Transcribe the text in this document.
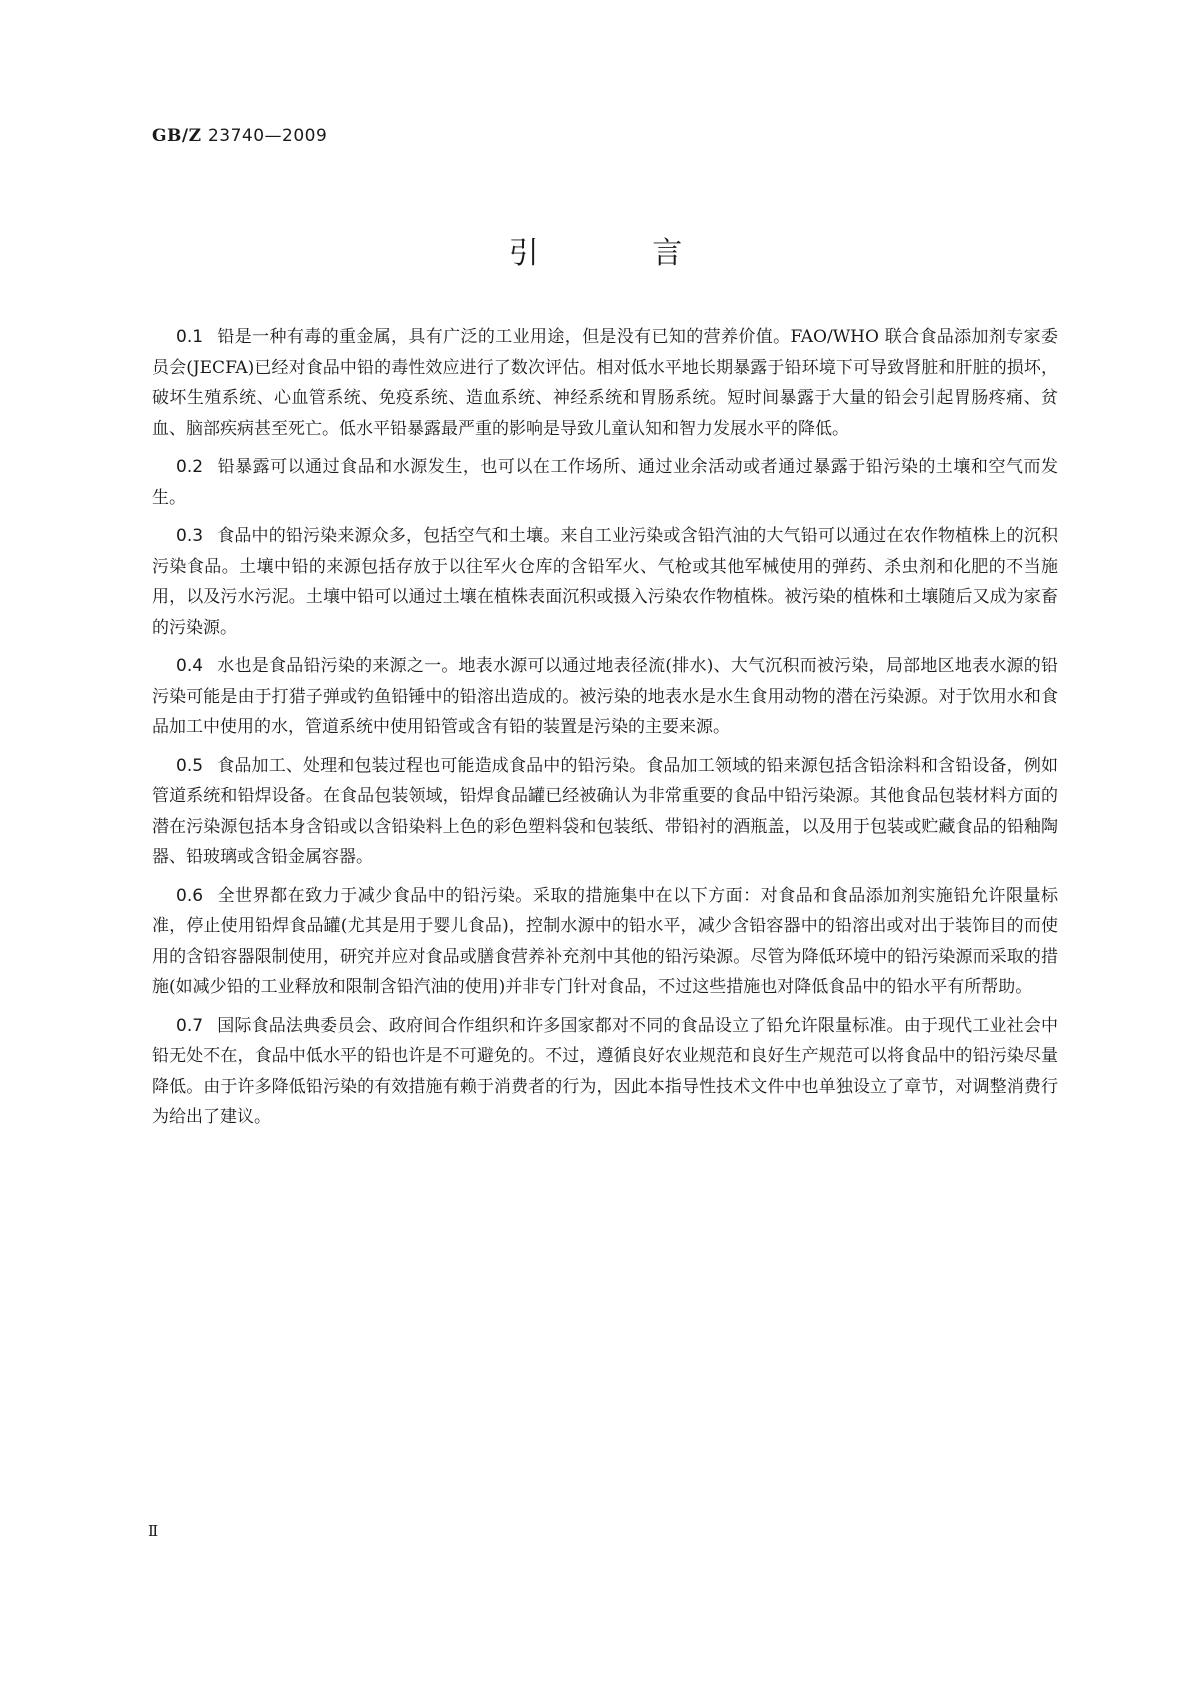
GB/Z 23740—2009
引 言

0.1 铅是一种有毒的重金属，具有广泛的工业用途，但是没有已知的营养价值。FAO/WHO 联合食品添加剂专家委员会(JECFA)已经对食品中铅的毒性效应进行了数次评估。相对低水平地长期暴露于铅环境下可导致肾脏和肝脏的损坏，破坏生殖系统、心血管系统、免疫系统、造血系统、神经系统和胃肠系统。短时间暴露于大量的铅会引起胃肠疼痛、贫血、脑部疾病甚至死亡。低水平铅暴露最严重的影响是导致儿童认知和智力发展水平的降低。

0.2 铅暴露可以通过食品和水源发生，也可以在工作场所、通过业余活动或者通过暴露于铅污染的土壤和空气而发生。

0.3 食品中的铅污染来源众多，包括空气和土壤。来自工业污染或含铅汽油的大气铅可以通过在农作物植株上的沉积污染食品。土壤中铅的来源包括存放于以往军火仓库的含铅军火、气枪或其他军械使用的弹药、杀虫剂和化肥的不当施用，以及污水污泥。土壤中铅可以通过土壤在植株表面沉积或摄入污染农作物植株。被污染的植株和土壤随后又成为家畜的污染源。

0.4 水也是食品铅污染的来源之一。地表水源可以通过地表径流(排水)、大气沉积而被污染，局部地区地表水源的铅污染可能是由于打猎子弹或钓鱼铅锤中的铅溶出造成的。被污染的地表水是水生食用动物的潜在污染源。对于饮用水和食品加工中使用的水，管道系统中使用铅管或含有铅的装置是污染的主要来源。

0.5 食品加工、处理和包装过程也可能造成食品中的铅污染。食品加工领域的铅来源包括含铅涂料和含铅设备，例如管道系统和铅焊设备。在食品包装领域，铅焊食品罐已经被确认为非常重要的食品中铅污染源。其他食品包装材料方面的潜在污染源包括本身含铅或以含铅染料上色的彩色塑料袋和包装纸、带铅衬的酒瓶盖，以及用于包装或贮藏食品的铅釉陶器、铅玻璃或含铅金属容器。

0.6 全世界都在致力于减少食品中的铅污染。采取的措施集中在以下方面：对食品和食品添加剂实施铅允许限量标准，停止使用铅焊食品罐(尤其是用于婴儿食品)，控制水源中的铅水平，减少含铅容器中的铅溶出或对出于装饰目的而使用的含铅容器限制使用，研究并应对食品或膳食营养补充剂中其他的铅污染源。尽管为降低环境中的铅污染源而采取的措施(如减少铅的工业释放和限制含铅汽油的使用)并非专门针对食品，不过这些措施也对降低食品中的铅水平有所帮助。

0.7 国际食品法典委员会、政府间合作组织和许多国家都对不同的食品设立了铅允许限量标准。由于现代工业社会中铅无处不在，食品中低水平的铅也许是不可避免的。不过，遵循良好农业规范和良好生产规范可以将食品中的铅污染尽量降低。由于许多降低铅污染的有效措施有赖于消费者的行为，因此本指导性技术文件中也单独设立了章节，对调整消费行为给出了建议。

Ⅱ
